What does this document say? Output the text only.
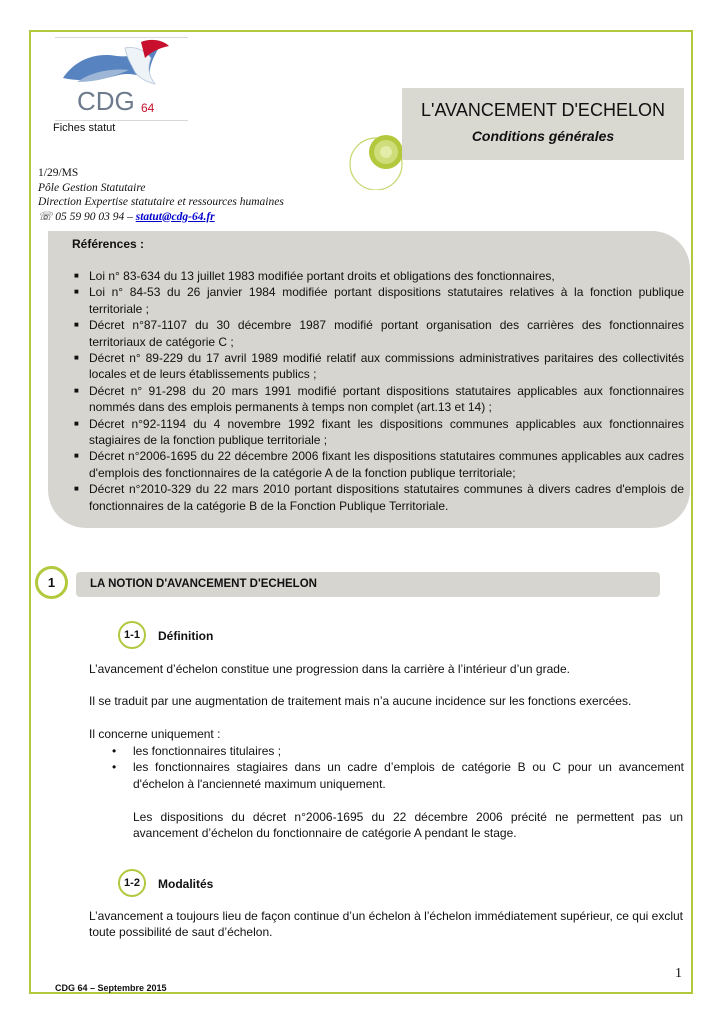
CDG 64
Fiches statut
L'AVANCEMENT D'ECHELON
Conditions générales
1/29/MS
Pôle Gestion Statutaire
Direction Expertise statutaire et ressources humaines
☏ 05 59 90 03 94 – statut@cdg-64.fr
Références :
■ Loi n° 83-634 du 13 juillet 1983 modifiée portant droits et obligations des fonctionnaires,
■ Loi n° 84-53 du 26 janvier 1984 modifiée portant dispositions statutaires relatives à la fonction publique territoriale ;
■ Décret n°87-1107 du 30 décembre 1987 modifié portant organisation des carrières des fonctionnaires territoriaux de catégorie C ;
■ Décret n° 89-229 du 17 avril 1989 modifié relatif aux commissions administratives paritaires des collectivités locales et de leurs établissements publics ;
■ Décret n° 91-298 du 20 mars 1991 modifié portant dispositions statutaires applicables aux fonctionnaires nommés dans des emplois permanents à temps non complet (art.13 et 14) ;
■ Décret n°92-1194 du 4 novembre 1992 fixant les dispositions communes applicables aux fonctionnaires stagiaires de la fonction publique territoriale ;
■ Décret n°2006-1695 du 22 décembre 2006 fixant les dispositions statutaires communes applicables aux cadres d'emplois des fonctionnaires de la catégorie A de la fonction publique territoriale;
■ Décret n°2010-329 du 22 mars 2010 portant dispositions statutaires communes à divers cadres d'emplois de fonctionnaires de la catégorie B de la Fonction Publique Territoriale.
1	LA NOTION D'AVANCEMENT D'ECHELON
1-1	Définition
L’avancement d’échelon constitue une progression dans la carrière à l’intérieur d’un grade.
Il se traduit par une augmentation de traitement mais n’a aucune incidence sur les fonctions exercées.
Il concerne uniquement :
• les fonctionnaires titulaires ;
• les fonctionnaires stagiaires dans un cadre d’emplois de catégorie B ou C pour un avancement d'échelon à l'ancienneté maximum uniquement.
Les dispositions du décret n°2006-1695 du 22 décembre 2006 précité ne permettent pas un avancement d’échelon du fonctionnaire de catégorie A pendant le stage.
1-2	Modalités
L’avancement a toujours lieu de façon continue d’un échelon à l’échelon immédiatement supérieur, ce qui exclut toute possibilité de saut d’échelon.
1
CDG 64 – Septembre 2015
